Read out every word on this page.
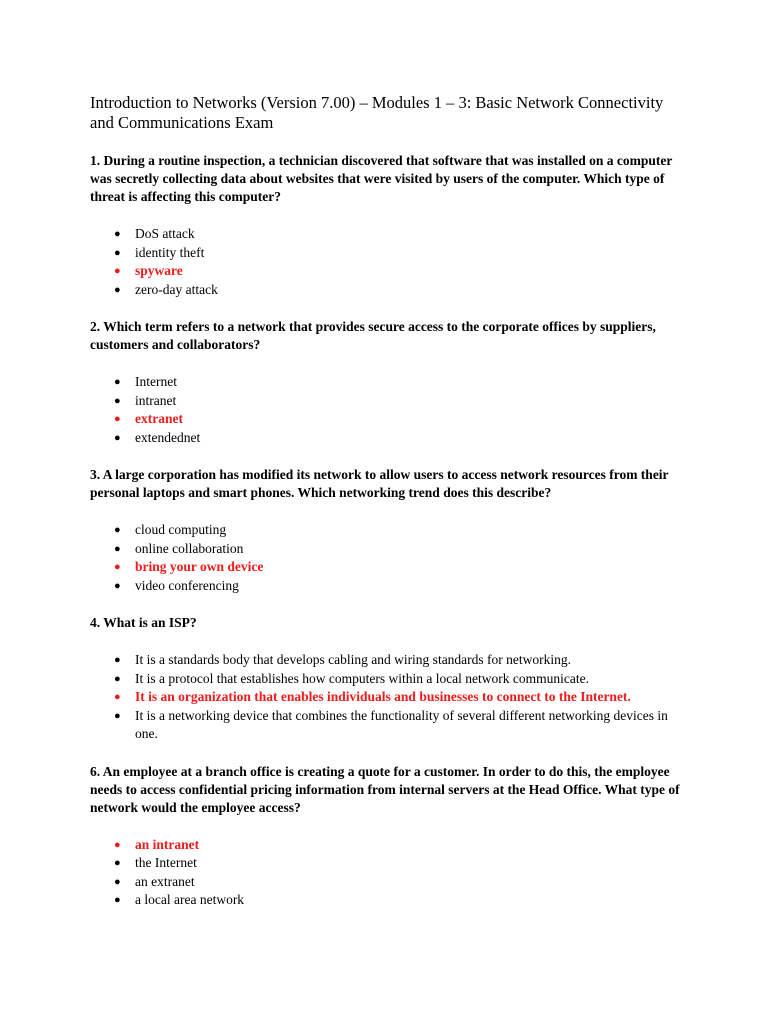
Introduction to Networks (Version 7.00) – Modules 1 – 3: Basic Network Connectivity and Communications Exam

1. During a routine inspection, a technician discovered that software that was installed on a computer was secretly collecting data about websites that were visited by users of the computer. Which type of threat is affecting this computer?

● DoS attack
● identity theft
● spyware
● zero-day attack

2. Which term refers to a network that provides secure access to the corporate offices by suppliers, customers and collaborators?

● Internet
● intranet
● extranet
● extendednet

3. A large corporation has modified its network to allow users to access network resources from their personal laptops and smart phones. Which networking trend does this describe?

● cloud computing
● online collaboration
● bring your own device
● video conferencing

4. What is an ISP?

● It is a standards body that develops cabling and wiring standards for networking.
● It is a protocol that establishes how computers within a local network communicate.
● It is an organization that enables individuals and businesses to connect to the Internet.
● It is a networking device that combines the functionality of several different networking devices in one.

6. An employee at a branch office is creating a quote for a customer. In order to do this, the employee needs to access confidential pricing information from internal servers at the Head Office. What type of network would the employee access?

● an intranet
● the Internet
● an extranet
● a local area network
